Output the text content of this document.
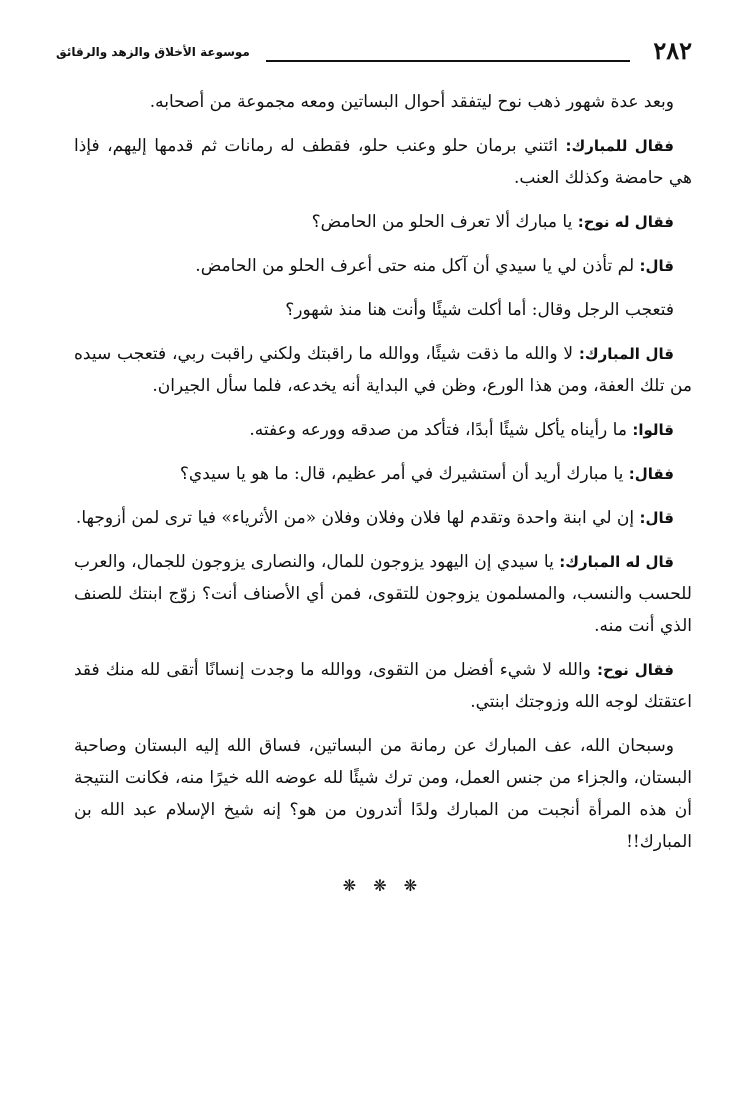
٢٨٢
موسوعة الأخلاق والزهد والرقائق

وبعد عدة شهور ذهب نوح ليتفقد أحوال البساتين ومعه مجموعة من أصحابه.

فقال للمبارك: ائتني برمان حلو وعنب حلو، فقطف له رمانات ثم قدمها إليهم، فإذا هي حامضة وكذلك العنب.

فقال له نوح: يا مبارك ألا تعرف الحلو من الحامض؟

قال: لم تأذن لي يا سيدي أن آكل منه حتى أعرف الحلو من الحامض.

فتعجب الرجل وقال: أما أكلت شيئًا وأنت هنا منذ شهور؟

قال المبارك: لا والله ما ذقت شيئًا، ووالله ما راقبتك ولكني راقبت ربي، فتعجب سيده من تلك العفة، ومن هذا الورع، وظن في البداية أنه يخدعه، فلما سأل الجيران.

قالوا: ما رأيناه يأكل شيئًا أبدًا، فتأكد من صدقه وورعه وعفته.

فقال: يا مبارك أريد أن أستشيرك في أمر عظيم، قال: ما هو يا سيدي؟

قال: إن لي ابنة واحدة وتقدم لها فلان وفلان وفلان «من الأثرياء» فيا ترى لمن أزوجها.

قال له المبارك: يا سيدي إن اليهود يزوجون للمال، والنصارى يزوجون للجمال، والعرب للحسب والنسب، والمسلمون يزوجون للتقوى، فمن أي الأصناف أنت؟ زوّج ابنتك للصنف الذي أنت منه.

فقال نوح: والله لا شيء أفضل من التقوى، ووالله ما وجدت إنسانًا أتقى لله منك فقد اعتقتك لوجه الله وزوجتك ابنتي.

وسبحان الله، عف المبارك عن رمانة من البساتين، فساق الله إليه البستان وصاحبة البستان، والجزاء من جنس العمل، ومن ترك شيئًا لله عوضه الله خيرًا منه، فكانت النتيجة أن هذه المرأة أنجبت من المبارك ولدًا أتدرون من هو؟ إنه شيخ الإسلام عبد الله بن المبارك!!

❋ ❋ ❋
